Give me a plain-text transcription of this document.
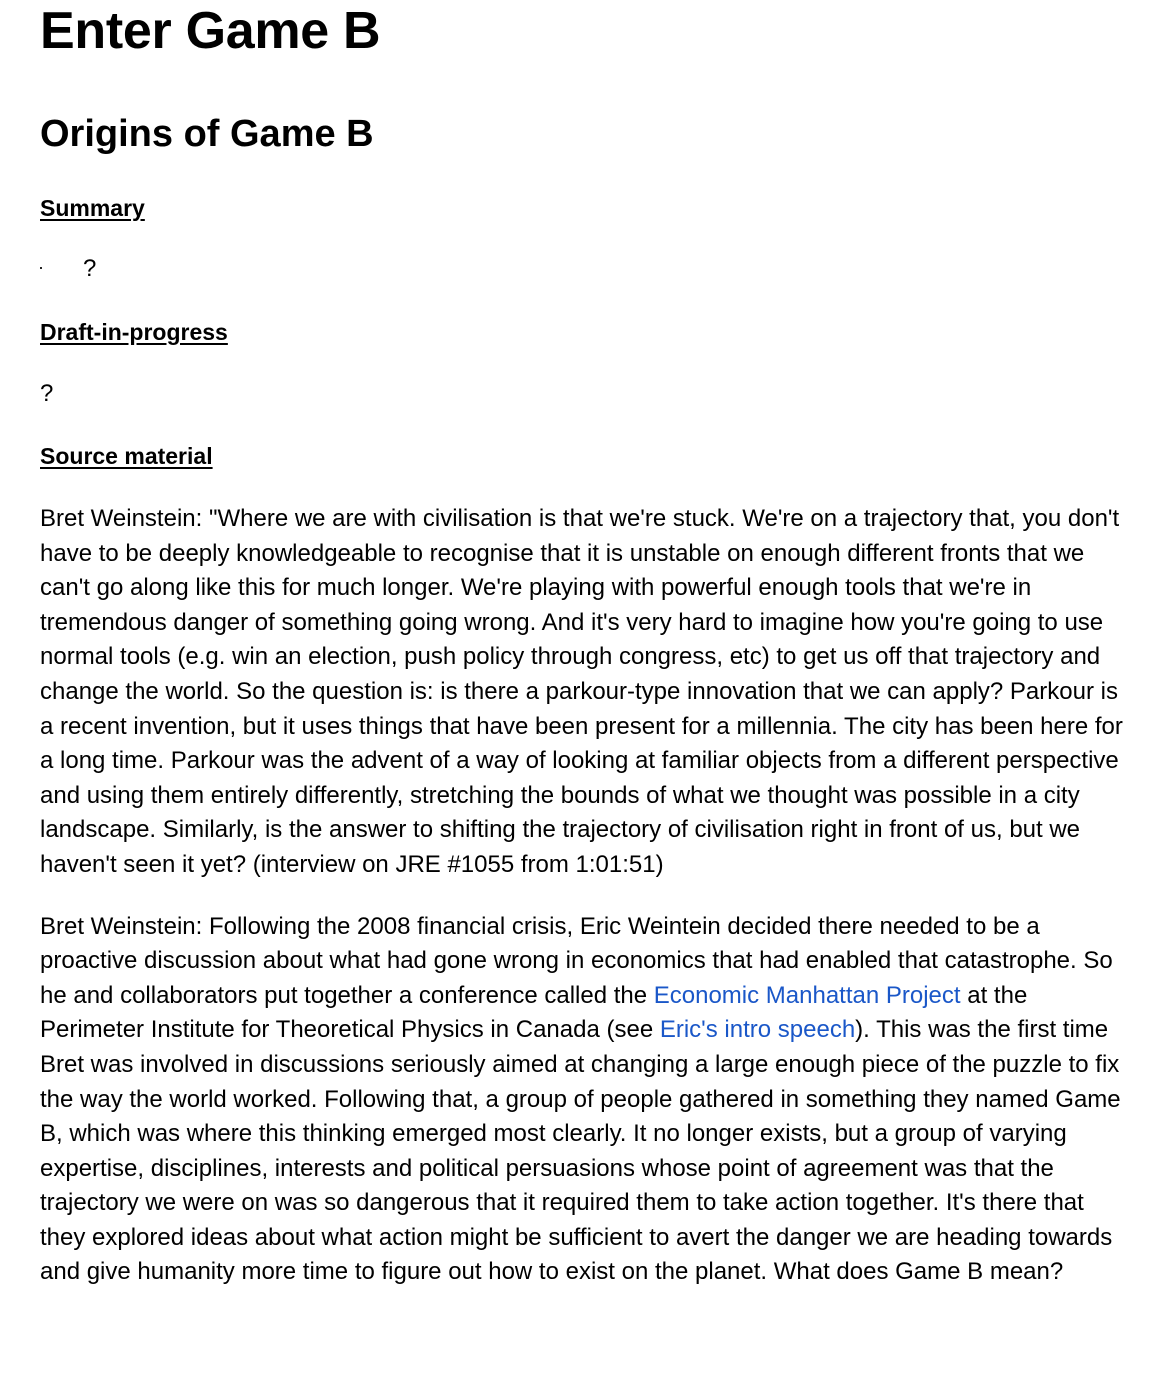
Enter Game B
Origins of Game B
Summary
· ?
Draft-in-progress
?
Source material

Bret Weinstein: "Where we are with civilisation is that we're stuck. We're on a trajectory that, you don't have to be deeply knowledgeable to recognise that it is unstable on enough different fronts that we can't go along like this for much longer. We're playing with powerful enough tools that we're in tremendous danger of something going wrong. And it's very hard to imagine how you're going to use normal tools (e.g. win an election, push policy through congress, etc) to get us off that trajectory and change the world. So the question is: is there a parkour-type innovation that we can apply? Parkour is a recent invention, but it uses things that have been present for a millennia. The city has been here for a long time. Parkour was the advent of a way of looking at familiar objects from a different perspective and using them entirely differently, stretching the bounds of what we thought was possible in a city landscape. Similarly, is the answer to shifting the trajectory of civilisation right in front of us, but we haven't seen it yet? (interview on JRE #1055 from 1:01:51)

Bret Weinstein: Following the 2008 financial crisis, Eric Weintein decided there needed to be a proactive discussion about what had gone wrong in economics that had enabled that catastrophe. So he and collaborators put together a conference called the Economic Manhattan Project at the Perimeter Institute for Theoretical Physics in Canada (see Eric's intro speech). This was the first time Bret was involved in discussions seriously aimed at changing a large enough piece of the puzzle to fix the way the world worked. Following that, a group of people gathered in something they named Game B, which was where this thinking emerged most clearly. It no longer exists, but a group of varying expertise, disciplines, interests and political persuasions whose point of agreement was that the trajectory we were on was so dangerous that it required them to take action together. It's there that they explored ideas about what action might be sufficient to avert the danger we are heading towards and give humanity more time to figure out how to exist on the planet. What does Game B mean?
